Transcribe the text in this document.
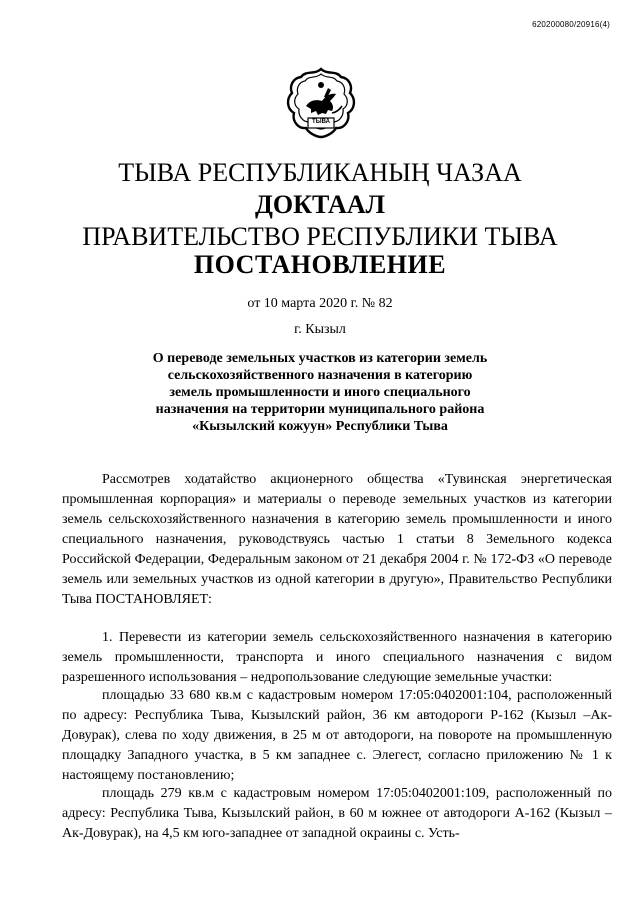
620200080/20916(4)
ТЫВА
ТЫВА РЕСПУБЛИКАНЫҢ ЧАЗАА
ДОКТААЛ
ПРАВИТЕЛЬСТВО РЕСПУБЛИКИ ТЫВА
ПОСТАНОВЛЕНИЕ
от 10 марта 2020 г. № 82
г. Кызыл
О переводе земельных участков из категории земель
сельскохозяйственного назначения в категорию
земель промышленности и иного специального
назначения на территории муниципального района
«Кызылский кожуун» Республики Тыва

Рассмотрев ходатайство акционерного общества «Тувинская энергетическая промышленная корпорация» и материалы о переводе земельных участков из категории земель сельскохозяйственного назначения в категорию земель промышленности и иного специального назначения, руководствуясь частью 1 статьи 8 Земельного кодекса Российской Федерации, Федеральным законом от 21 декабря 2004 г. № 172-ФЗ «О переводе земель или земельных участков из одной категории в другую», Правительство Республики Тыва ПОСТАНОВЛЯЕТ:

1. Перевести из категории земель сельскохозяйственного назначения в категорию земель промышленности, транспорта и иного специального назначения с видом разрешенного использования – недропользование следующие земельные участки:

площадью 33 680 кв.м с кадастровым номером 17:05:0402001:104, расположенный по адресу: Республика Тыва, Кызылский район, 36 км автодороги Р-162 (Кызыл –Ак-Довурак), слева по ходу движения, в 25 м от автодороги, на повороте на промышленную площадку Западного участка, в 5 км западнее с. Элегест, согласно приложению № 1 к настоящему постановлению;

площадь 279 кв.м с кадастровым номером 17:05:0402001:109, расположенный по адресу: Республика Тыва, Кызылский район, в 60 м южнее от автодороги А-162 (Кызыл – Ак-Довурак), на 4,5 км юго-западнее от западной окраины с. Усть-
